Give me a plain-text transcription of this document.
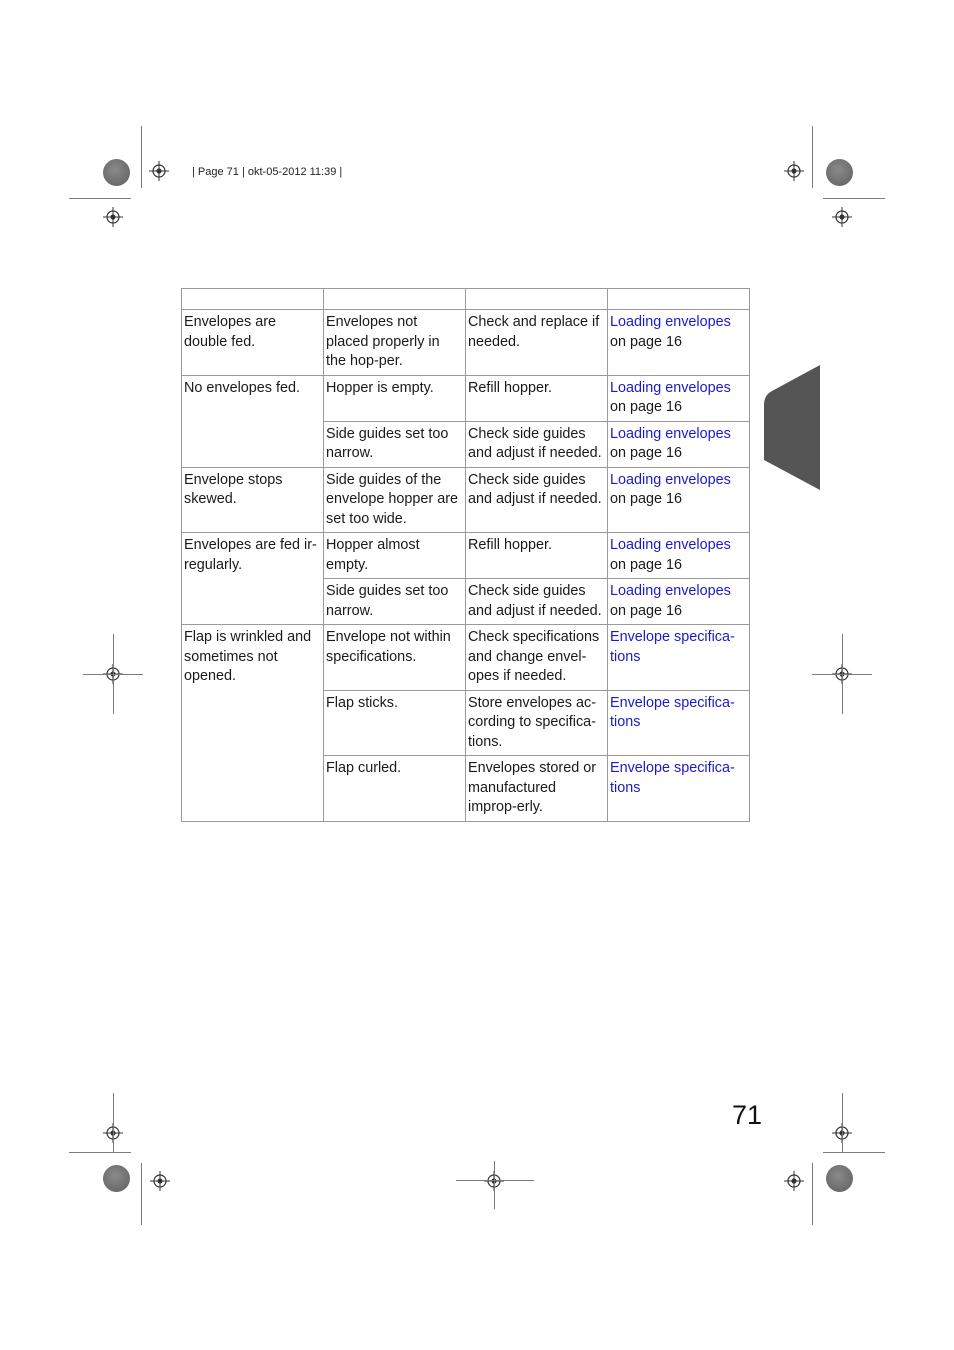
| Page 71 | okt-05-2012 11:39 |

Envelopes are double fed.	Envelopes not placed properly in the hop-per.	Check and replace if needed.	Loading envelopes
on page 16
No envelopes fed.	Hopper is empty.	Refill hopper.	Loading envelopes
on page 16
	Side guides set too narrow.	Check side guides and adjust if needed.	Loading envelopes
on page 16
Envelope stops skewed.	Side guides of the envelope hopper are set too wide.	Check side guides and adjust if needed.	Loading envelopes
on page 16
Envelopes are fed ir-regularly.	Hopper almost empty.	Refill hopper.	Loading envelopes
on page 16
	Side guides set too narrow.	Check side guides and adjust if needed.	Loading envelopes
on page 16
Flap is wrinkled and sometimes not opened.	Envelope not within specifications.	Check specifications and change envel-opes if needed.	Envelope specifica-tions
	Flap sticks.	Store envelopes ac-cording to specifica-tions.	Envelope specifica-tions
	Flap curled.	Envelopes stored or manufactured improp-erly.	Envelope specifica-tions
71
